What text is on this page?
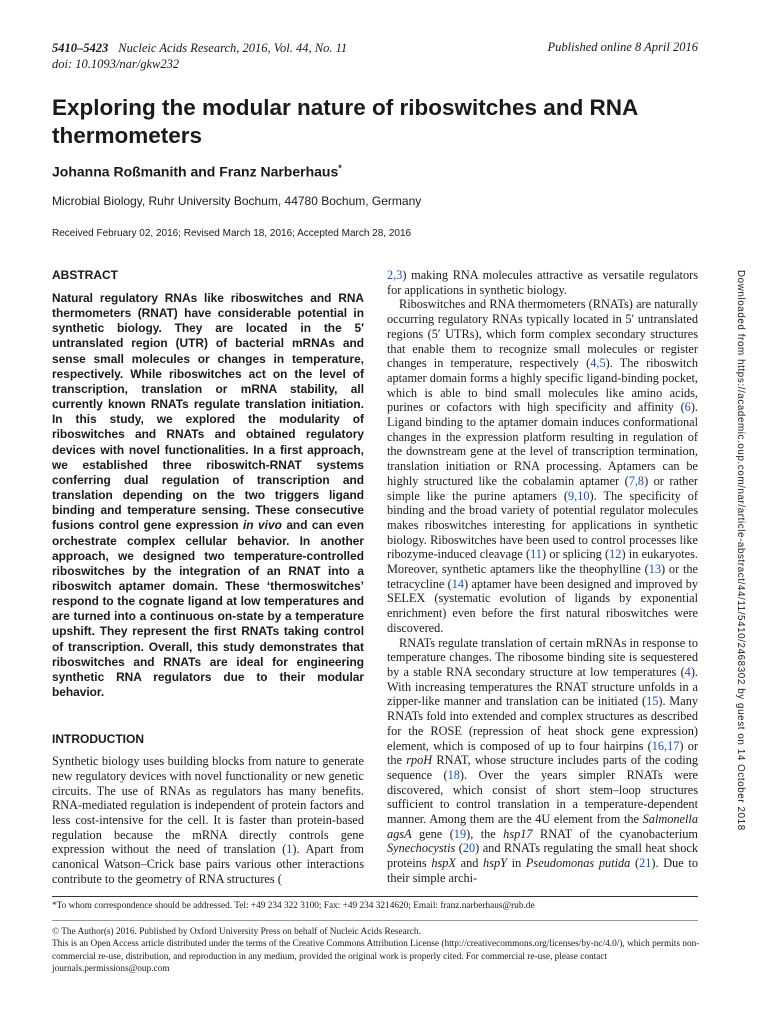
5410–5423 Nucleic Acids Research, 2016, Vol. 44, No. 11
doi: 10.1093/nar/gkw232
Published online 8 April 2016
Exploring the modular nature of riboswitches and RNA thermometers
Johanna Roßmanith and Franz Narberhaus*
Microbial Biology, Ruhr University Bochum, 44780 Bochum, Germany
Received February 02, 2016; Revised March 18, 2016; Accepted March 28, 2016
ABSTRACT

Natural regulatory RNAs like riboswitches and RNA thermometers (RNAT) have considerable potential in synthetic biology. They are located in the 5′ untranslated region (UTR) of bacterial mRNAs and sense small molecules or changes in temperature, respectively. While riboswitches act on the level of transcription, translation or mRNA stability, all currently known RNATs regulate translation initiation. In this study, we explored the modularity of riboswitches and RNATs and obtained regulatory devices with novel functionalities. In a first approach, we established three riboswitch-RNAT systems conferring dual regulation of transcription and translation depending on the two triggers ligand binding and temperature sensing. These consecutive fusions control gene expression in vivo and can even orchestrate complex cellular behavior. In another approach, we designed two temperature-controlled riboswitches by the integration of an RNAT into a riboswitch aptamer domain. These ‘thermoswitches’ respond to the cognate ligand at low temperatures and are turned into a continuous on-state by a temperature upshift. They represent the first RNATs taking control of transcription. Overall, this study demonstrates that riboswitches and RNATs are ideal for engineering synthetic RNA regulators due to their modular behavior.

INTRODUCTION

Synthetic biology uses building blocks from nature to generate new regulatory devices with novel functionality or new genetic circuits. The use of RNAs as regulators has many benefits. RNA-mediated regulation is independent of protein factors and less cost-intensive for the cell. It is faster than protein-based regulation because the mRNA directly controls gene expression without the need of translation (1). Apart from canonical Watson–Crick base pairs various other interactions contribute to the geometry of RNA structures (

2,3) making RNA molecules attractive as versatile regulators for applications in synthetic biology.

Riboswitches and RNA thermometers (RNATs) are naturally occurring regulatory RNAs typically located in 5′ untranslated regions (5′ UTRs), which form complex secondary structures that enable them to recognize small molecules or register changes in temperature, respectively (4,5). The riboswitch aptamer domain forms a highly specific ligand-binding pocket, which is able to bind small molecules like amino acids, purines or cofactors with high specificity and affinity (6). Ligand binding to the aptamer domain induces conformational changes in the expression platform resulting in regulation of the downstream gene at the level of transcription termination, translation initiation or RNA processing. Aptamers can be highly structured like the cobalamin aptamer (7,8) or rather simple like the purine aptamers (9,10). The specificity of binding and the broad variety of potential regulator molecules makes riboswitches interesting for applications in synthetic biology. Riboswitches have been used to control processes like ribozyme-induced cleavage (11) or splicing (12) in eukaryotes. Moreover, synthetic aptamers like the theophylline (13) or the tetracycline (14) aptamer have been designed and improved by SELEX (systematic evolution of ligands by exponential enrichment) even before the first natural riboswitches were discovered.

RNATs regulate translation of certain mRNAs in response to temperature changes. The ribosome binding site is sequestered by a stable RNA secondary structure at low temperatures (4). With increasing temperatures the RNAT structure unfolds in a zipper-like manner and translation can be initiated (15). Many RNATs fold into extended and complex structures as described for the ROSE (repression of heat shock gene expression) element, which is composed of up to four hairpins (16,17) or the rpoH RNAT, whose structure includes parts of the coding sequence (18). Over the years simpler RNATs were discovered, which consist of short stem–loop structures sufficient to control translation in a temperature-dependent manner. Among them are the 4U element from the Salmonella agsA gene (19), the hsp17 RNAT of the cyanobacterium Synechocystis (20) and RNATs regulating the small heat shock proteins hspX and hspY in Pseudomonas putida (21). Due to their simple archi-

Downloaded from https://academic.oup.com/nar/article-abstract/44/11/5410/2468302 by guest on 14 October 2018
*To whom correspondence should be addressed. Tel: +49 234 322 3100; Fax: +49 234 3214620; Email: franz.narberhaus@rub.de
© The Author(s) 2016. Published by Oxford University Press on behalf of Nucleic Acids Research.
This is an Open Access article distributed under the terms of the Creative Commons Attribution License (http://creativecommons.org/licenses/by-nc/4.0/), which permits non-commercial re-use, distribution, and reproduction in any medium, provided the original work is properly cited. For commercial re-use, please contact journals.permissions@oup.com
